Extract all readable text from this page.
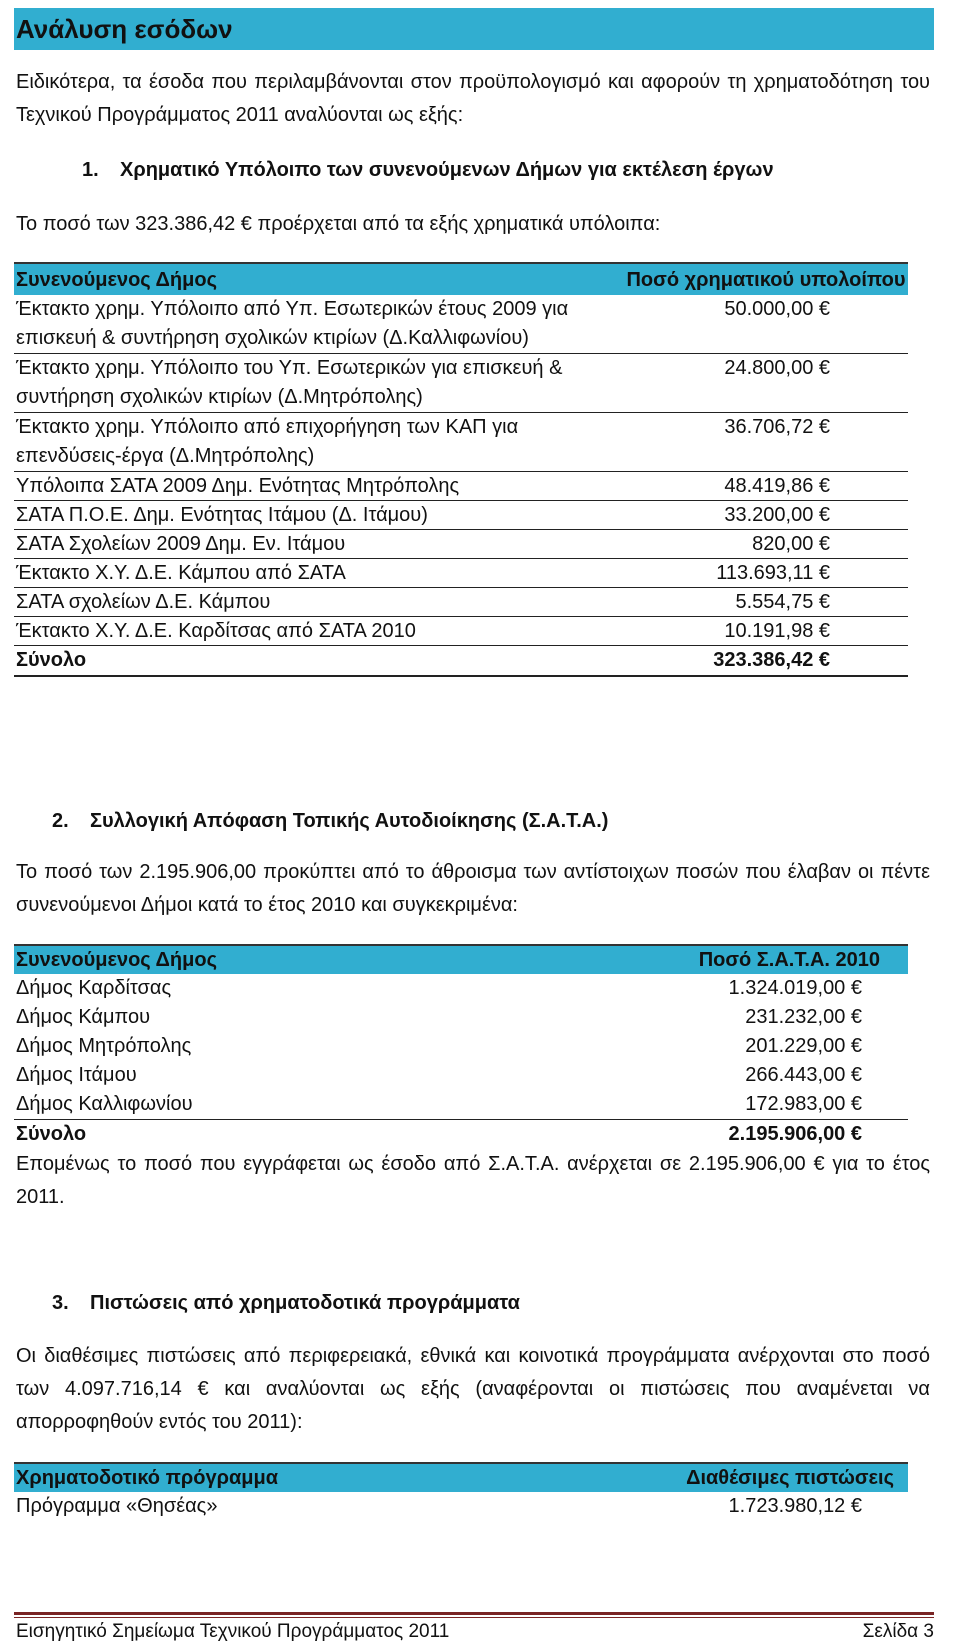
Ανάλυση εσόδων
Ειδικότερα, τα έσοδα που περιλαμβάνονται στον προϋπολογισμό και αφορούν τη χρηματοδότηση του Τεχνικού Προγράμματος 2011 αναλύονται ως εξής:
1. Χρηματικό Υπόλοιπο των συνενούμενων Δήμων για εκτέλεση έργων
Το ποσό των 323.386,42 € προέρχεται από τα εξής χρηματικά υπόλοιπα:
Συνενούμενος Δήμος	Ποσό χρηματικού υπολοίπου
Έκτακτο χρημ. Υπόλοιπο από Υπ. Εσωτερικών έτους 2009 για επισκευή & συντήρηση σχολικών κτιρίων (Δ.Καλλιφωνίου)	50.000,00 €
Έκτακτο χρημ. Υπόλοιπο του Υπ. Εσωτερικών για επισκευή & συντήρηση σχολικών κτιρίων (Δ.Μητρόπολης)	24.800,00 €
Έκτακτο χρημ. Υπόλοιπο από επιχορήγηση των ΚΑΠ για επενδύσεις-έργα (Δ.Μητρόπολης)	36.706,72 €
Υπόλοιπα ΣΑΤΑ 2009 Δημ. Ενότητας Μητρόπολης	48.419,86 €
ΣΑΤΑ Π.Ο.Ε. Δημ. Ενότητας Ιτάμου (Δ. Ιτάμου)	33.200,00 €
ΣΑΤΑ Σχολείων 2009 Δημ. Εν. Ιτάμου	820,00 €
Έκτακτο Χ.Υ. Δ.Ε. Κάμπου από ΣΑΤΑ	113.693,11 €
ΣΑΤΑ σχολείων Δ.Ε. Κάμπου	5.554,75 €
Έκτακτο Χ.Υ. Δ.Ε. Καρδίτσας από ΣΑΤΑ 2010	10.191,98 €
Σύνολο	323.386,42 €
2. Συλλογική Απόφαση Τοπικής Αυτοδιοίκησης (Σ.Α.Τ.Α.)
Το ποσό των 2.195.906,00 προκύπτει από το άθροισμα των αντίστοιχων ποσών που έλαβαν οι πέντε συνενούμενοι Δήμοι κατά το έτος 2010 και συγκεκριμένα:
Συνενούμενος Δήμος	Ποσό Σ.Α.Τ.Α. 2010
Δήμος Καρδίτσας	1.324.019,00 €
Δήμος Κάμπου	231.232,00 €
Δήμος Μητρόπολης	201.229,00 €
Δήμος Ιτάμου	266.443,00 €
Δήμος Καλλιφωνίου	172.983,00 €
Σύνολο	2.195.906,00 €
Επομένως το ποσό που εγγράφεται ως έσοδο από Σ.Α.Τ.Α. ανέρχεται σε 2.195.906,00 € για το έτος 2011.
3. Πιστώσεις από χρηματοδοτικά προγράμματα
Οι διαθέσιμες πιστώσεις από περιφερειακά, εθνικά και κοινοτικά προγράμματα ανέρχονται στο ποσό των 4.097.716,14 € και αναλύονται ως εξής (αναφέρονται οι πιστώσεις που αναμένεται να απορροφηθούν εντός του 2011):
Χρηματοδοτικό πρόγραμμα	Διαθέσιμες πιστώσεις
Πρόγραμμα «Θησέας»	1.723.980,12 €
Εισηγητικό Σημείωμα Τεχνικού Προγράμματος 2011	Σελίδα 3
